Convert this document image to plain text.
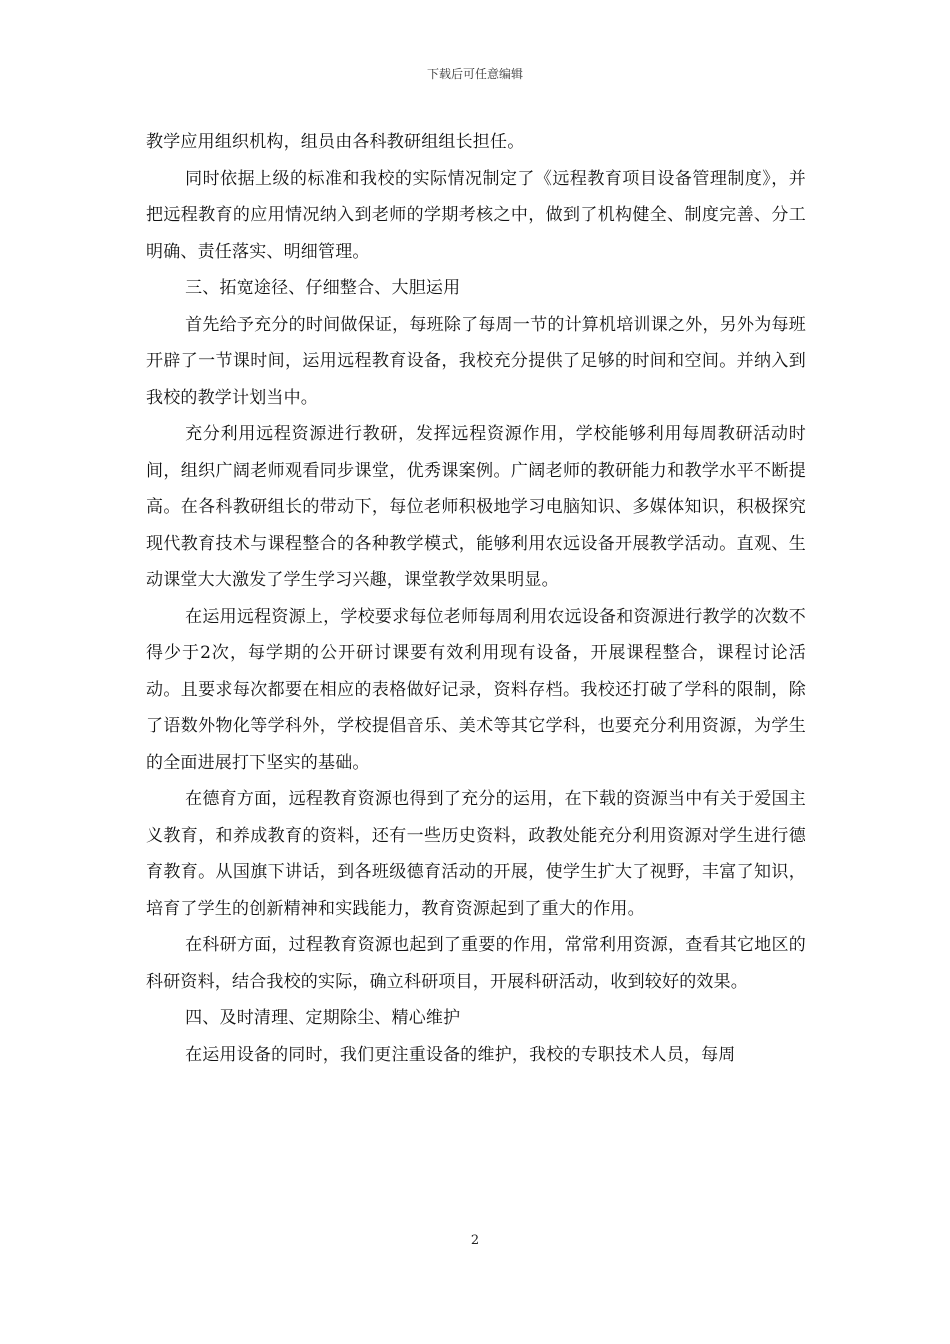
下载后可任意编辑

教学应用组织机构，组员由各科教研组组长担任。

同时依据上级的标准和我校的实际情况制定了《远程教育项目设备管理制度》，并把远程教育的应用情况纳入到老师的学期考核之中，做到了机构健全、制度完善、分工明确、责任落实、明细管理。

三、拓宽途径、仔细整合、大胆运用

首先给予充分的时间做保证，每班除了每周一节的计算机培训课之外，另外为每班开辟了一节课时间，运用远程教育设备，我校充分提供了足够的时间和空间。并纳入到我校的教学计划当中。

充分利用远程资源进行教研，发挥远程资源作用，学校能够利用每周教研活动时间，组织广阔老师观看同步课堂，优秀课案例。广阔老师的教研能力和教学水平不断提高。在各科教研组长的带动下，每位老师积极地学习电脑知识、多媒体知识，积极探究现代教育技术与课程整合的各种教学模式，能够利用农远设备开展教学活动。直观、生动课堂大大激发了学生学习兴趣，课堂教学效果明显。

在运用远程资源上，学校要求每位老师每周利用农远设备和资源进行教学的次数不得少于2次，每学期的公开研讨课要有效利用现有设备，开展课程整合，课程讨论活动。且要求每次都要在相应的表格做好记录，资料存档。我校还打破了学科的限制，除了语数外物化等学科外，学校提倡音乐、美术等其它学科，也要充分利用资源，为学生的全面进展打下坚实的基础。

在德育方面，远程教育资源也得到了充分的运用，在下载的资源当中有关于爱国主义教育，和养成教育的资料，还有一些历史资料，政教处能充分利用资源对学生进行德育教育。从国旗下讲话，到各班级德育活动的开展，使学生扩大了视野，丰富了知识，培育了学生的创新精神和实践能力，教育资源起到了重大的作用。

在科研方面，过程教育资源也起到了重要的作用，常常利用资源，查看其它地区的科研资料，结合我校的实际，确立科研项目，开展科研活动，收到较好的效果。

四、及时清理、定期除尘、精心维护

在运用设备的同时，我们更注重设备的维护，我校的专职技术人员，每周

2
